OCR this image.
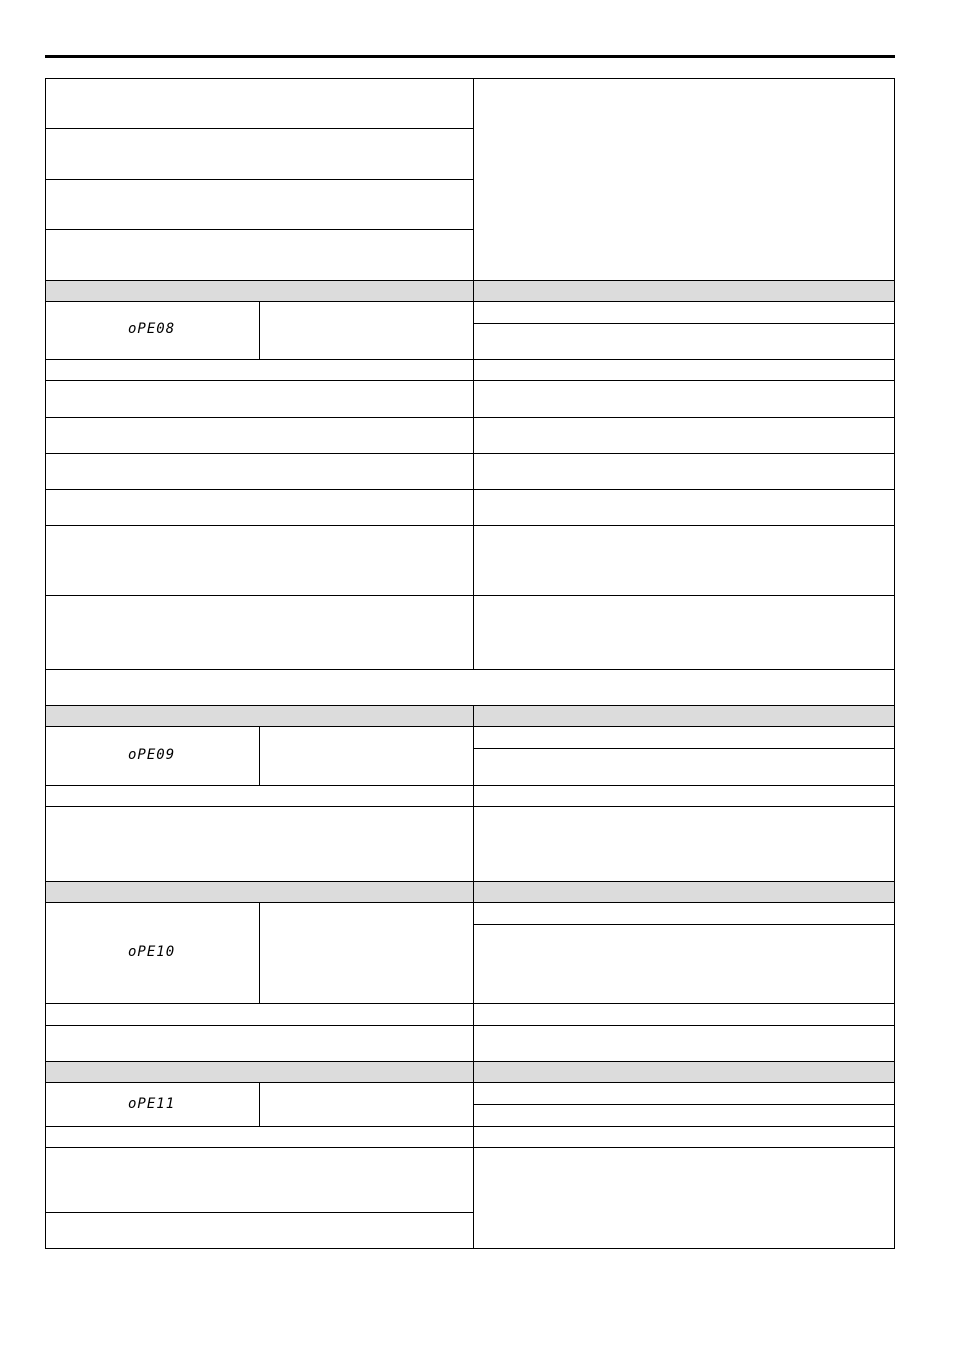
oPE08
oPE09
oPE10
oPE11
